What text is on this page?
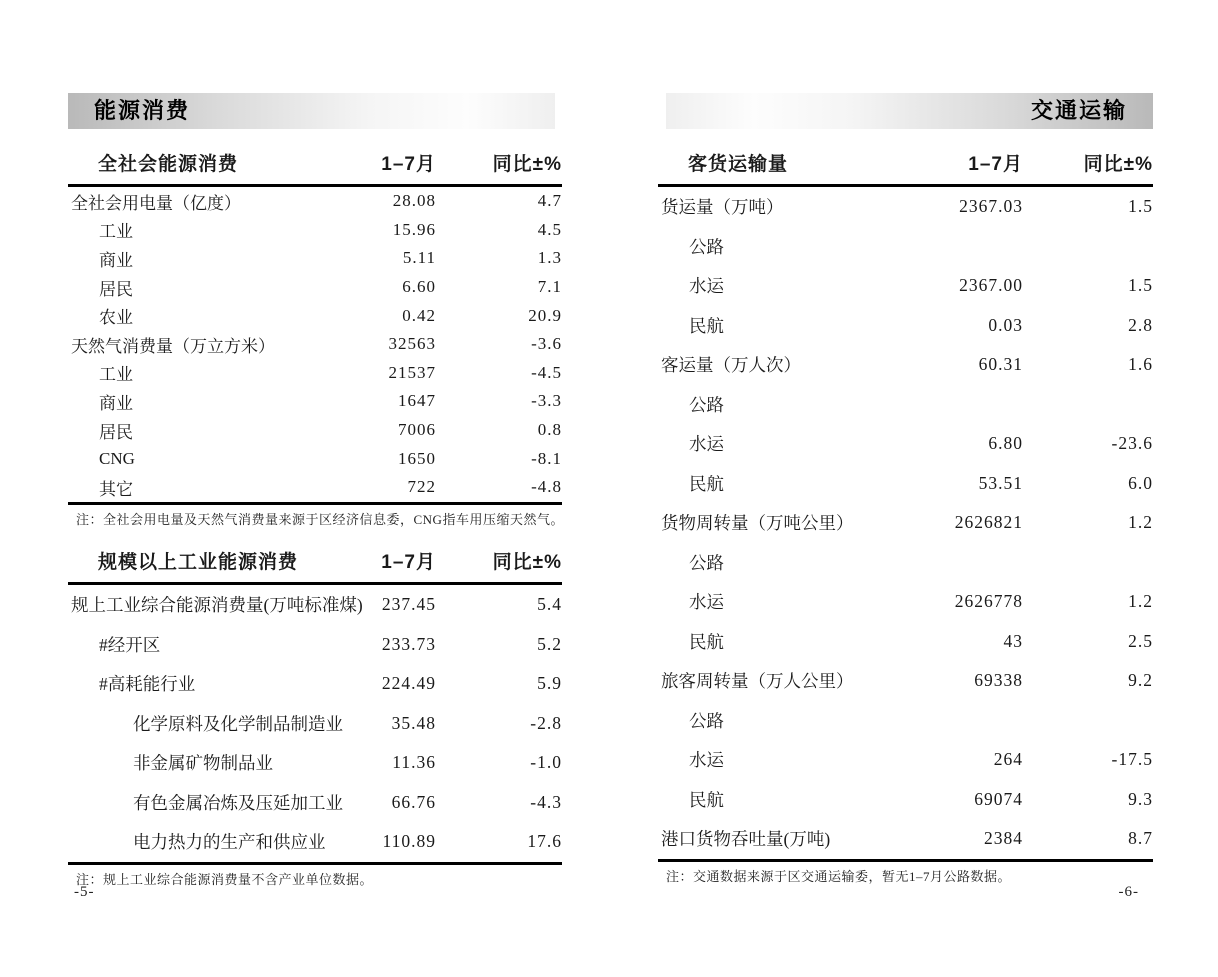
能源消费	交通运输
全社会能源消费	1–7月	同比±%
全社会用电量（亿度）	28.08	4.7
工业	15.96	4.5
商业	5.11	1.3
居民	6.60	7.1
农业	0.42	20.9
天然气消费量（万立方米）	32563	-3.6
工业	21537	-4.5
商业	1647	-3.3
居民	7006	0.8
CNG	1650	-8.1
其它	722	-4.8
注：全社会用电量及天然气消费量来源于区经济信息委，CNG指车用压缩天然气。
规模以上工业能源消费	1–7月	同比±%
规上工业综合能源消费量(万吨标准煤)	237.45	5.4
#经开区	233.73	5.2
#高耗能行业	224.49	5.9
化学原料及化学制品制造业	35.48	-2.8
非金属矿物制品业	11.36	-1.0
有色金属冶炼及压延加工业	66.76	-4.3
电力热力的生产和供应业	110.89	17.6
注：规上工业综合能源消费量不含产业单位数据。
客货运输量	1–7月	同比±%
货运量（万吨）	2367.03	1.5
公路
水运	2367.00	1.5
民航	0.03	2.8
客运量（万人次）	60.31	1.6
公路
水运	6.80	-23.6
民航	53.51	6.0
货物周转量（万吨公里）	2626821	1.2
公路
水运	2626778	1.2
民航	43	2.5
旅客周转量（万人公里）	69338	9.2
公路
水运	264	-17.5
民航	69074	9.3
港口货物吞吐量(万吨)	2384	8.7
注：交通数据来源于区交通运输委，暂无1–7月公路数据。
-5-	-6-
